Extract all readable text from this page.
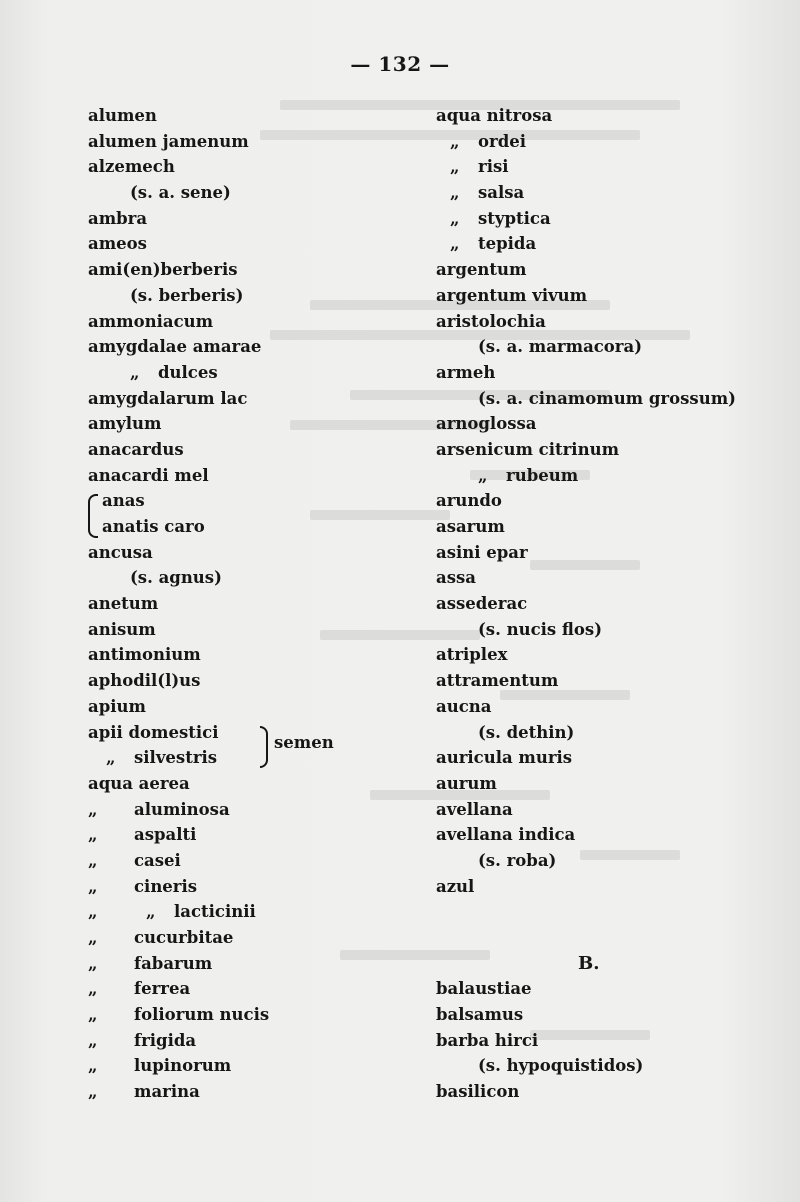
— 132 —
alumen
alumen jamenum
alzemech
(s. a. sene)
ambra
ameos
ami(en)berberis
(s. berberis)
ammoniacum
amygdalae amarae
„ dulces
amygdalarum lac
amylum
anacardus
anacardi mel
anas
anatis caro
ancusa
(s. agnus)
anetum
anisum
antimonium
aphodil(l)us
apium
apii domestici
„ silvestris
semen
aqua aerea
„ aluminosa
„ aspalti
„ casei
„ cineris
„	„ lacticinii
„ cucurbitae
„ fabarum
„ ferrea
„ foliorum nucis
„ frigida
„ lupinorum
„ marina
aqua nitrosa
„ ordei
„ risi
„ salsa
„ styptica
„ tepida
argentum
argentum vivum
aristolochia
(s. a. marmacora)
armeh
(s. a. cinamomum grossum)
arnoglossa
arsenicum citrinum
„ rubeum
arundo
asarum
asini epar
assa
assederac
(s. nucis flos)
atriplex
attramentum
aucna
(s. dethin)
auricula muris
aurum
avellana
avellana indica
(s. roba)
azul
B.
balaustiae
balsamus
barba hirci
(s. hypoquistidos)
basilicon
